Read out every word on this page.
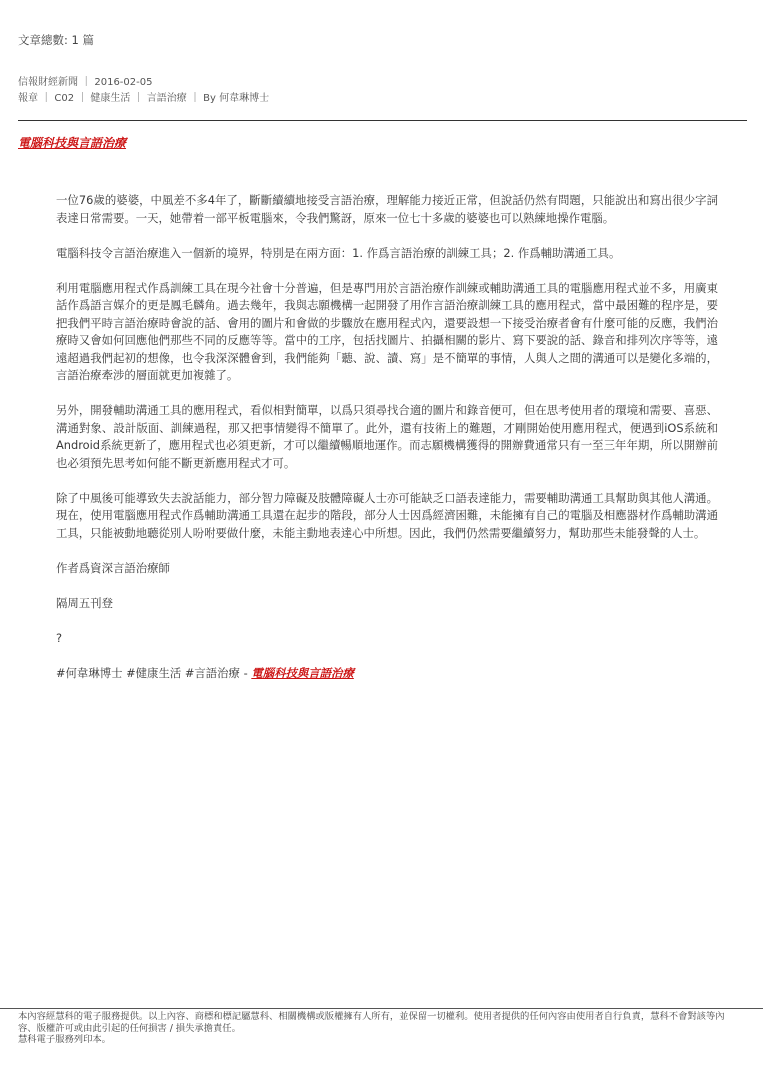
文章總數: 1 篇
信報財經新聞 ｜ 2016-02-05
報章 ｜ C02 ｜ 健康生活 ｜ 言語治療 ｜ By 何韋琳博士
電腦科技與言語治療

一位76歲的婆婆，中風差不多4年了，斷斷續續地接受言語治療，理解能力接近正常，但說話仍然有問題，只能說出和寫出很少字詞表達日常需要。一天，她帶着一部平板電腦來，令我們驚訝，原來一位七十多歲的婆婆也可以熟練地操作電腦。

電腦科技令言語治療進入一個新的境界，特別是在兩方面：1. 作爲言語治療的訓練工具；2. 作爲輔助溝通工具。

利用電腦應用程式作爲訓練工具在現今社會十分普遍，但是專門用於言語治療作訓練或輔助溝通工具的電腦應用程式並不多，用廣東話作爲語言媒介的更是鳳毛麟角。過去幾年，我與志願機構一起開發了用作言語治療訓練工具的應用程式，當中最困難的程序是，要把我們平時言語治療時會說的話、會用的圖片和會做的步驟放在應用程式內，還要設想一下接受治療者會有什麼可能的反應，我們治療時又會如何回應他們那些不同的反應等等。當中的工序，包括找圖片、拍攝相關的影片、寫下要說的話、錄音和排列次序等等，遠遠超過我們起初的想像，也令我深深體會到，我們能夠「聽、說、讀、寫」是不簡單的事情，人與人之間的溝通可以是變化多端的，言語治療牽涉的層面就更加複雜了。

另外，開發輔助溝通工具的應用程式，看似相對簡單，以爲只須尋找合適的圖片和錄音便可，但在思考使用者的環境和需要、喜惡、溝通對象、設計版面、訓練過程，那又把事情變得不簡單了。此外，還有技術上的難題，才剛開始使用應用程式，便遇到iOS系統和Android系統更新了，應用程式也必須更新，才可以繼續暢順地運作。而志願機構獲得的開辦費通常只有一至三年年期，所以開辦前也必須預先思考如何能不斷更新應用程式才可。

除了中風後可能導致失去說話能力，部分智力障礙及肢體障礙人士亦可能缺乏口語表達能力，需要輔助溝通工具幫助與其他人溝通。現在，使用電腦應用程式作爲輔助溝通工具還在起步的階段，部分人士因爲經濟困難，未能擁有自己的電腦及相應器材作爲輔助溝通工具，只能被動地聽從別人吩咐要做什麼，未能主動地表達心中所想。因此，我們仍然需要繼續努力，幫助那些未能發聲的人士。

作者爲資深言語治療師

隔周五刊登

?

#何韋琳博士 #健康生活 #言語治療 - 電腦科技與言語治療

本內容經慧科的電子服務提供。以上內容、商標和標記屬慧科、相關機構或版權擁有人所有，並保留一切權利。使用者提供的任何內容由使用者自行負責，慧科不會對該等內容、版權許可或由此引起的任何損害 / 損失承擔責任。
慧科電子服務列印本。
